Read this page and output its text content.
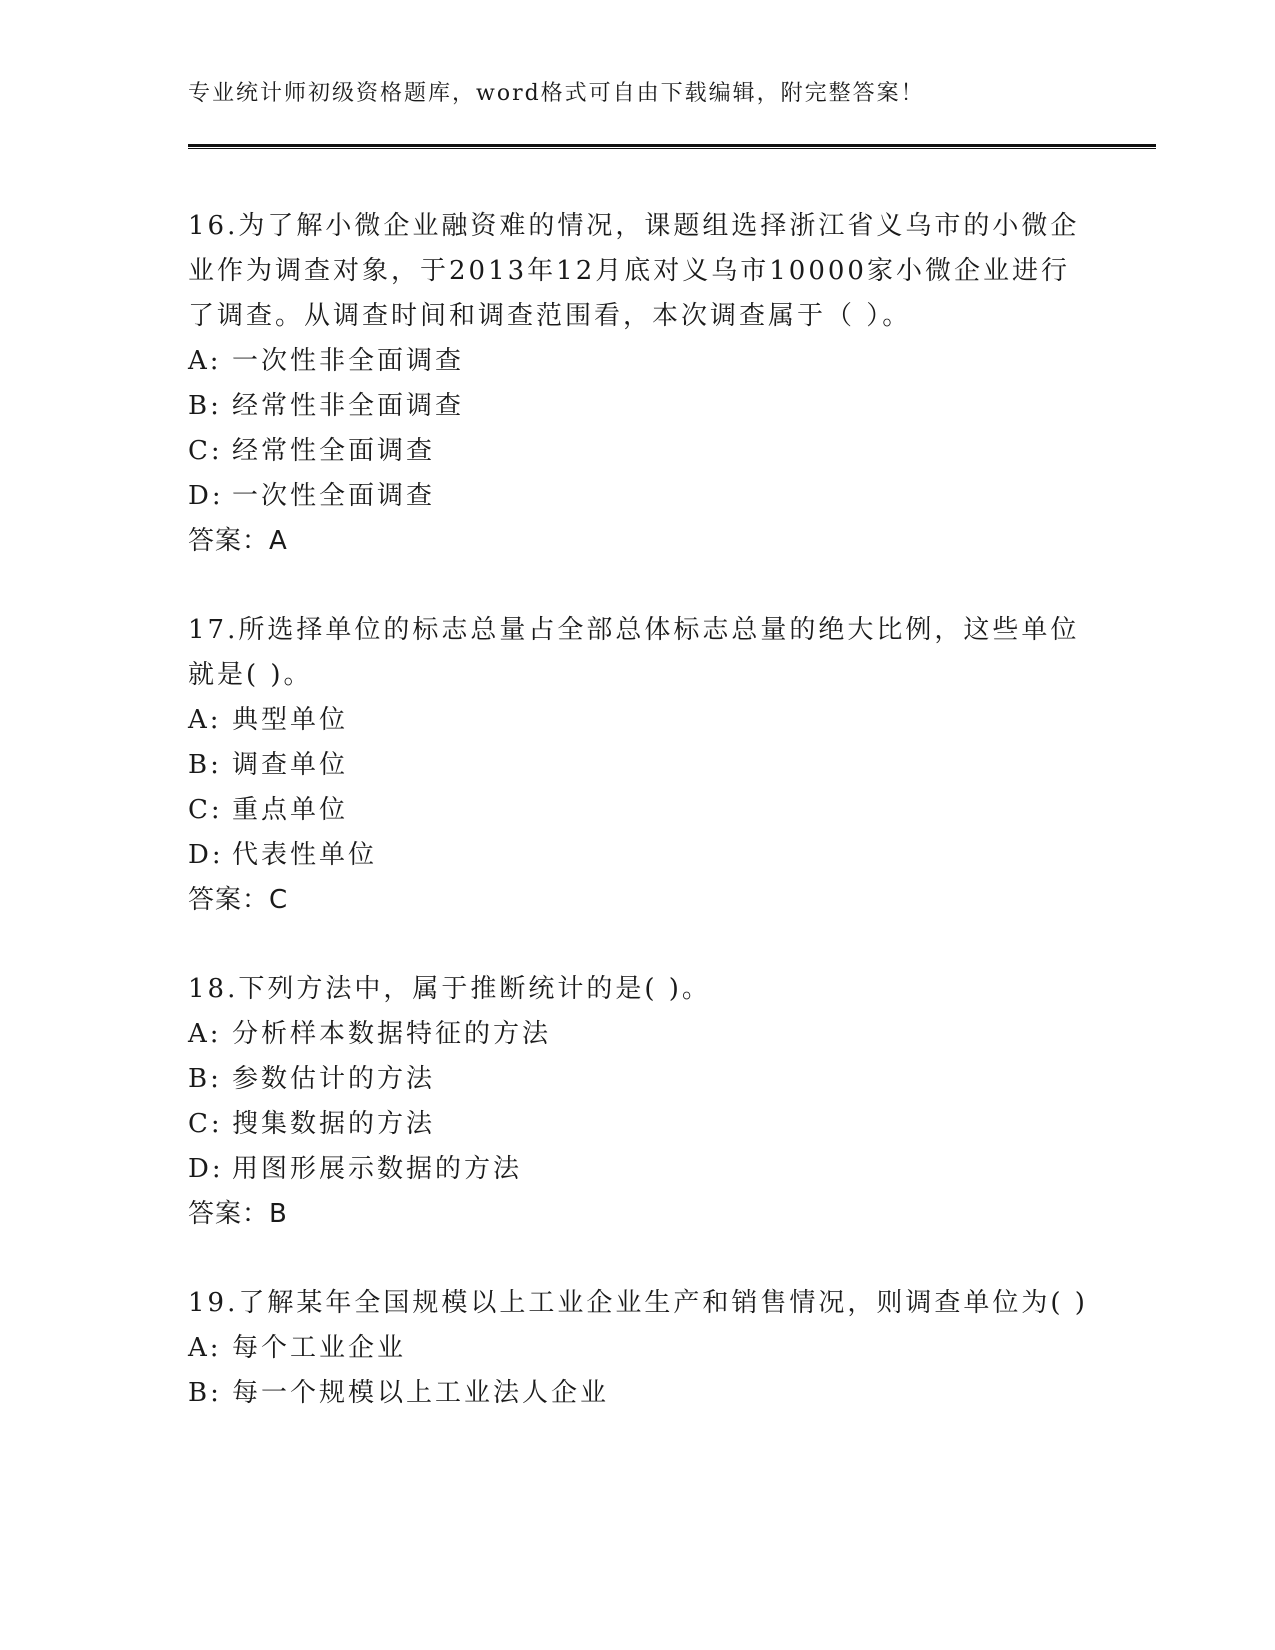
专业统计师初级资格题库，word格式可自由下载编辑，附完整答案！

16.为了解小微企业融资难的情况，课题组选择浙江省义乌市的小微企业作为调查对象，于2013年12月底对义乌市10000家小微企业进行了调查。从调查时间和调查范围看，本次调查属于（ ）。

A: 一次性非全面调查

B: 经常性非全面调查

C: 经常性全面调查

D: 一次性全面调查

答案：A

17.所选择单位的标志总量占全部总体标志总量的绝大比例，这些单位就是( )。

A: 典型单位

B: 调查单位

C: 重点单位

D: 代表性单位

答案：C

18.下列方法中，属于推断统计的是( )。

A: 分析样本数据特征的方法

B: 参数估计的方法

C: 搜集数据的方法

D: 用图形展示数据的方法

答案：B

19.了解某年全国规模以上工业企业生产和销售情况，则调查单位为( )

A: 每个工业企业

B: 每一个规模以上工业法人企业
